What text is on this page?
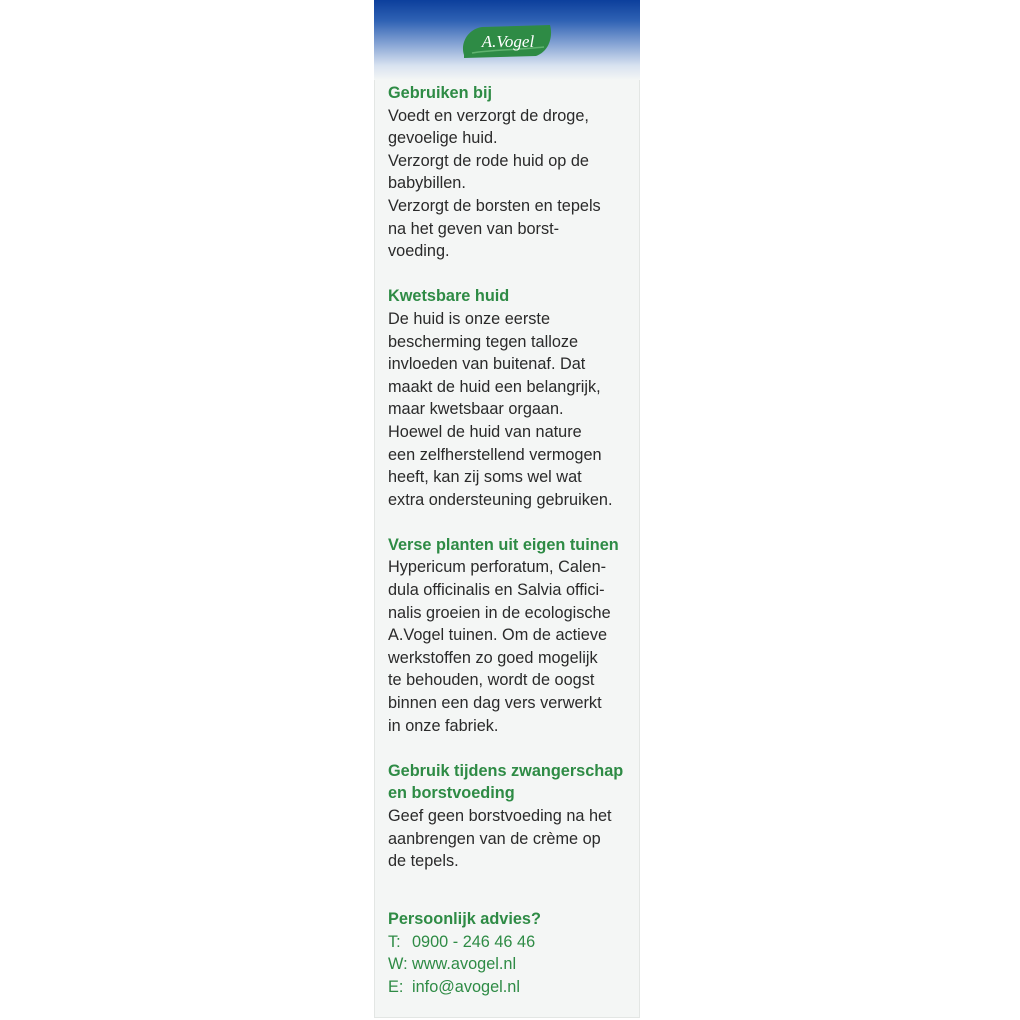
A.Vogel

Gebruiken bij

Voedt en verzorgt de droge,

gevoelige huid.

Verzorgt de rode huid op de

babybillen.

Verzorgt de borsten en tepels

na het geven van borst-

voeding.

Kwetsbare huid

De huid is onze eerste

bescherming tegen talloze

invloeden van buitenaf. Dat

maakt de huid een belangrijk,

maar kwetsbaar orgaan.

Hoewel de huid van nature

een zelfherstellend vermogen

heeft, kan zij soms wel wat

extra ondersteuning gebruiken.

Verse planten uit eigen tuinen

Hypericum perforatum, Calen-

dula officinalis en Salvia offici-

nalis groeien in de ecologische

A.Vogel tuinen. Om de actieve

werkstoffen zo goed mogelijk

te behouden, wordt de oogst

binnen een dag vers verwerkt

in onze fabriek.

Gebruik tijdens zwangerschap

en borstvoeding

Geef geen borstvoeding na het

aanbrengen van de crème op

de tepels.

Persoonlijk advies?

T: 0900 - 246 46 46
W: www.avogel.nl
E: info@avogel.nl
